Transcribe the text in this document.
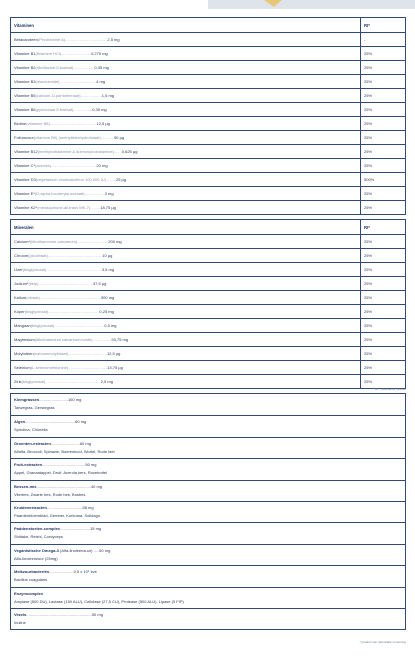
Vitaminen	RI*
Bètacaroteen (Provitamine A) ...................................... 2,5 mg	-
Vitamine B1 (thiamine HCl) ........................... 0,275 mg	25%
Vitamine B2 (riboflavine-5-fosfaat) ................... 0,35 mg	25%
Vitamine B3 (niacinamide) ................................. 4 mg	25%
Vitamine B5 (calcium-D-pantothenaat) ................... 1,5 mg	25%
Vitamine B6 (pyridoxaal-5-fosfaat) ................. 0,35 mg	25%
Biotine (vitamine B8) .......................................... 12,5 µg	25%
Foliumzuur (vitamine B9) (methyltetrahydrofolaat) ............ 50 µg	25%
Vitamine B12 (methylcobalamine & adenosylcobalamine) ....... 0,625 µg	25%
Vitamine C* (acerola) ......................................... 20 mg	25%
Vitamine D3 (vegetarisch cholecalciferol 100.000 IU) ......... 25 µg	500%
Vitamine E* (D-alpha tocoferylsuccinaat) .................. 3 mg	25%
Vitamine K2* (menaquinone-all-trans MK-7) ......... 18,75 µg	25%
Mineralen	RI*
Calcium* (lithothamnium calcareum) ............................ 200 mg	25%
Chroom (picolinaat) ................................................. 10 µg	25%
IJzer (bisglycinaat) .................................................. 3,5 mg	25%
Jodium* (kelp) ................................................. 37,5 µg	25%
Kalium (citraat) ....................................................... 300 mg	25%
Koper (bisglycinaat) .............................................. 0,25 mg	25%
Mangaan (bisglycinaat) ............................................. 0,5 mg	25%
Magnesium (lithothamnium calcareum/oxide) ................. 93,75 mg	25%
Molybdeen (natriummolybdaat) ................................... 12,5 µg	25%
Selenium (L-selenomethionine) ................................... 13,75 µg	25%
Zink (bisglycinaat) .................................................. 2,5 mg	25%
*RI = Referentie inname
Kiemgrassen..........................160 mg
Tarwegras, Gerstegras
Algen.............................................60 mg
Spirulina, Chlorella
Groenten-extracten..........................60 mg
Alfalfa, Broccoli, Spinazie, Boerenkool, Wortel, Rode biet
Fruit-extracten.......................................50 mg
Appel, Granaatappel, Druif, Acerola kers, Rozebottel
Bessen-mix.................................................40 mg
Vlierbes, Zwarte bes, Rode bes, Bosbes
Kruidenextracten................................58 mg
Paardenbloemblad, Gember, Kurkuma, Solidago
Paddenstoelen-complex...........................15 mg
Shiitake, Reishi, Cordyceps
Veganistische Omega-3 (Alfa-linoleenzuur) .....50 mg
Alfa-linoleenzuur (25mg)
Melkzuurbacteriën......................0,5 x 10⁹ kve
Bacillus coagulans
Enzymcomplex
Amylase (500 DU), Lactase (150 ALU), Cellulase (27,5 CU), Protease (500 ALU), Lipase (5 FIP)
Vezels...........................................................50 mg
Inuline
* product van natuurlijke oorsprong
